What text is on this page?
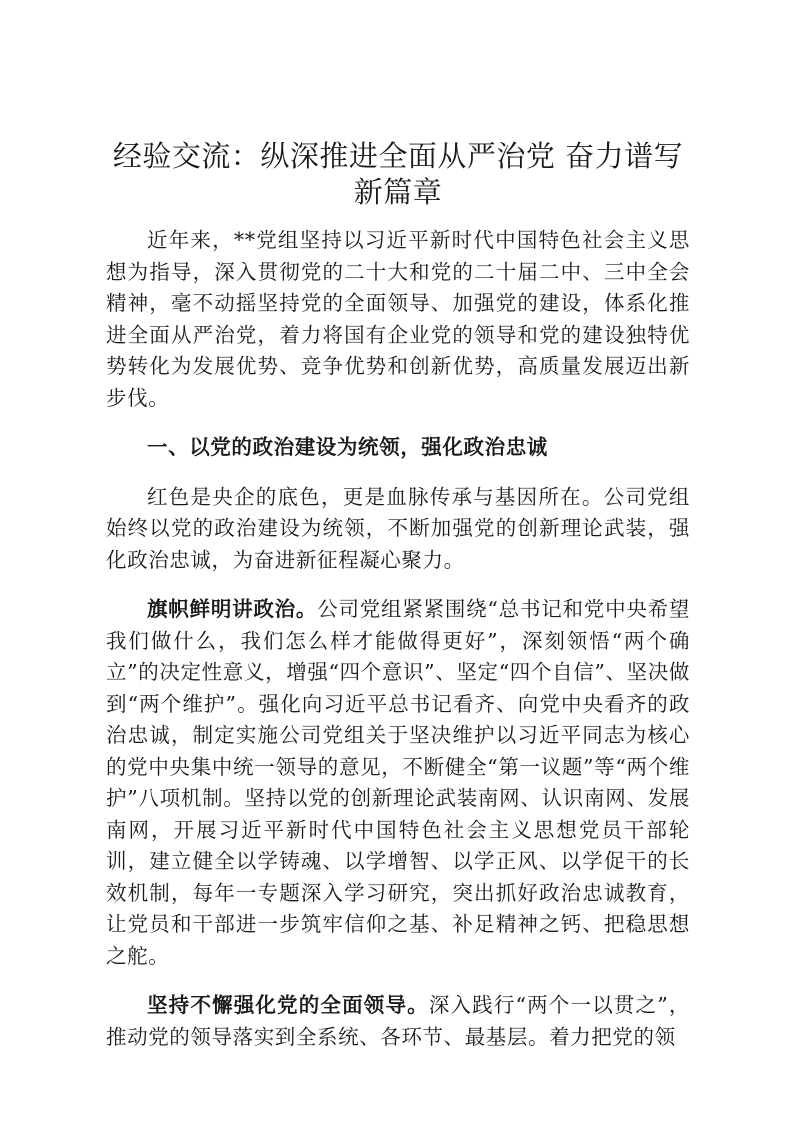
经验交流：纵深推进全面从严治党 奋力谱写
新篇章

近年来，**党组坚持以习近平新时代中国特色社会主义思想为指导，深入贯彻党的二十大和党的二十届二中、三中全会精神，毫不动摇坚持党的全面领导、加强党的建设，体系化推进全面从严治党，着力将国有企业党的领导和党的建设独特优势转化为发展优势、竞争优势和创新优势，高质量发展迈出新步伐。

一、以党的政治建设为统领，强化政治忠诚

红色是央企的底色，更是血脉传承与基因所在。公司党组始终以党的政治建设为统领，不断加强党的创新理论武装，强化政治忠诚，为奋进新征程凝心聚力。

旗帜鲜明讲政治。公司党组紧紧围绕“总书记和党中央希望我们做什么，我们怎么样才能做得更好”，深刻领悟“两个确立”的决定性意义，增强“四个意识”、坚定“四个自信”、坚决做到“两个维护”。强化向习近平总书记看齐、向党中央看齐的政治忠诚，制定实施公司党组关于坚决维护以习近平同志为核心的党中央集中统一领导的意见，不断健全“第一议题”等“两个维护”八项机制。坚持以党的创新理论武装南网、认识南网、发展南网，开展习近平新时代中国特色社会主义思想党员干部轮训，建立健全以学铸魂、以学增智、以学正风、以学促干的长效机制，每年一专题深入学习研究，突出抓好政治忠诚教育，让党员和干部进一步筑牢信仰之基、补足精神之钙、把稳思想之舵。

坚持不懈强化党的全面领导。深入践行“两个一以贯之”，推动党的领导落实到全系统、各环节、最基层。着力把党的领
